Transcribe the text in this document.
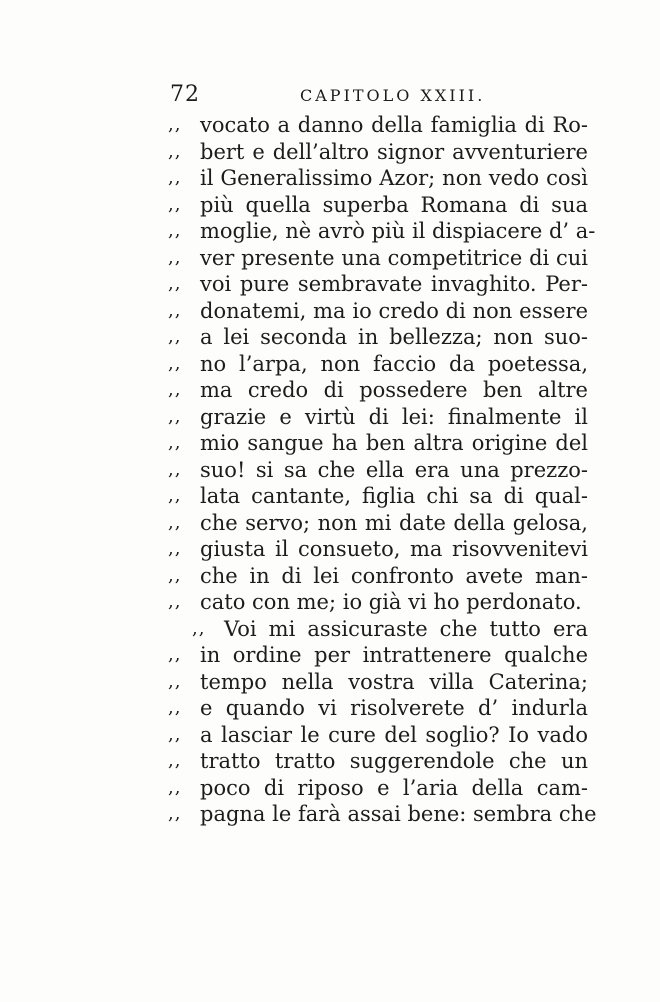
72	CAPITOLO XXIII.
,, vocato a danno della famiglia di Ro-
,, bert e dell’altro signor avventuriere
,, il Generalissimo Azor; non vedo così
,, più quella superba Romana di sua
,, moglie, nè avrò più il dispiacere d’ a-
,, ver presente una competitrice di cui
,, voi pure sembravate invaghito. Per-
,, donatemi, ma io credo di non essere
,, a lei seconda in bellezza; non suo-
,, no l’arpa, non faccio da poetessa,
,, ma credo di possedere ben altre
,, grazie e virtù di lei: finalmente il
,, mio sangue ha ben altra origine del
,, suo! si sa che ella era una prezzo-
,, lata cantante, figlia chi sa di qual-
,, che servo; non mi date della gelosa,
,, giusta il consueto, ma risovvenitevi
,, che in di lei confronto avete man-
,, cato con me; io già vi ho perdonato.
,, Voi mi assicuraste che tutto era
,, in ordine per intrattenere qualche
,, tempo nella vostra villa Caterina;
,, e quando vi risolverete d’ indurla
,, a lasciar le cure del soglio? Io vado
,, tratto tratto suggerendole che un
,, poco di riposo e l’aria della cam-
,, pagna le farà assai bene: sembra che
